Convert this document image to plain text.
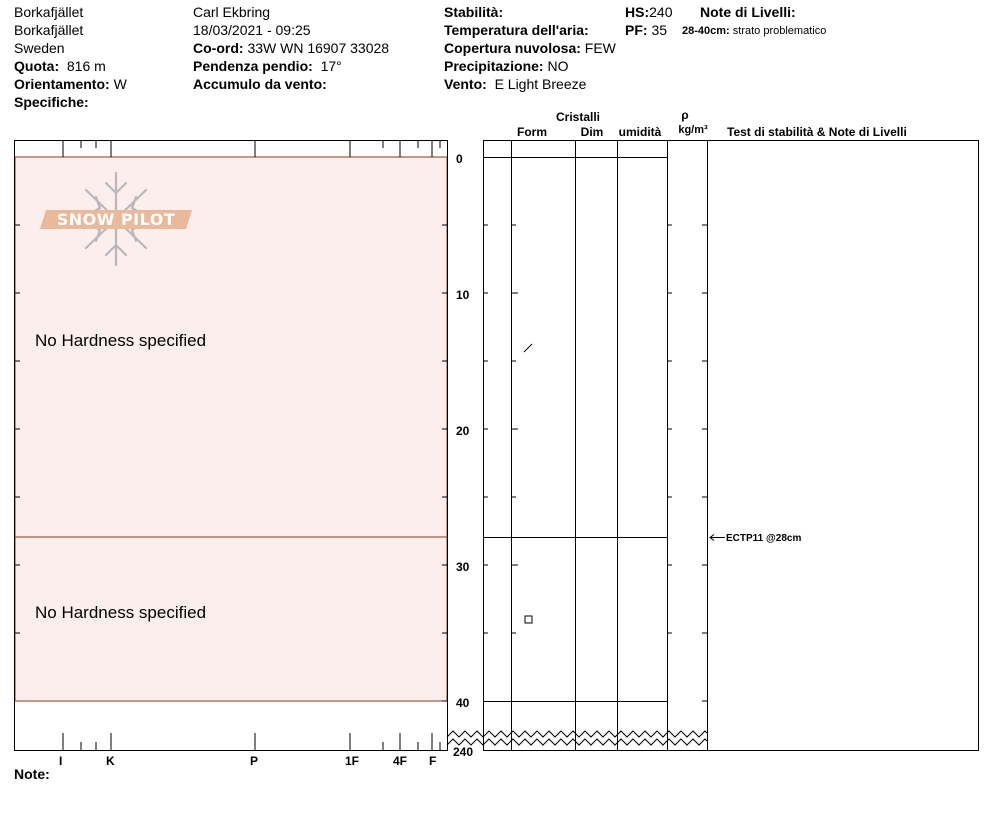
Borkafjället
Borkafjället
Sweden
Quota: 816 m
Orientamento: W
Specifiche:
Carl Ekbring
18/03/2021 - 09:25
Co-ord: 33W WN 16907 33028
Pendenza pendio: 17°
Accumulo da vento:
Stabilità:
Temperatura dell'aria:
Copertura nuvolosa: FEW
Precipitazione: NO
Vento: E Light Breeze
HS:240
PF: 35
Note di Livelli:
28-40cm: strato problematico
Cristalli
Form	Dim	umidità
ρ
kg/m³	Test di stabilità & Note di Livelli
SNOW PILOT
No Hardness specified
No Hardness specified
0
10
20
30
40
240
I	K	P	1F	4F F
ECTP11 @28cm
Note:
